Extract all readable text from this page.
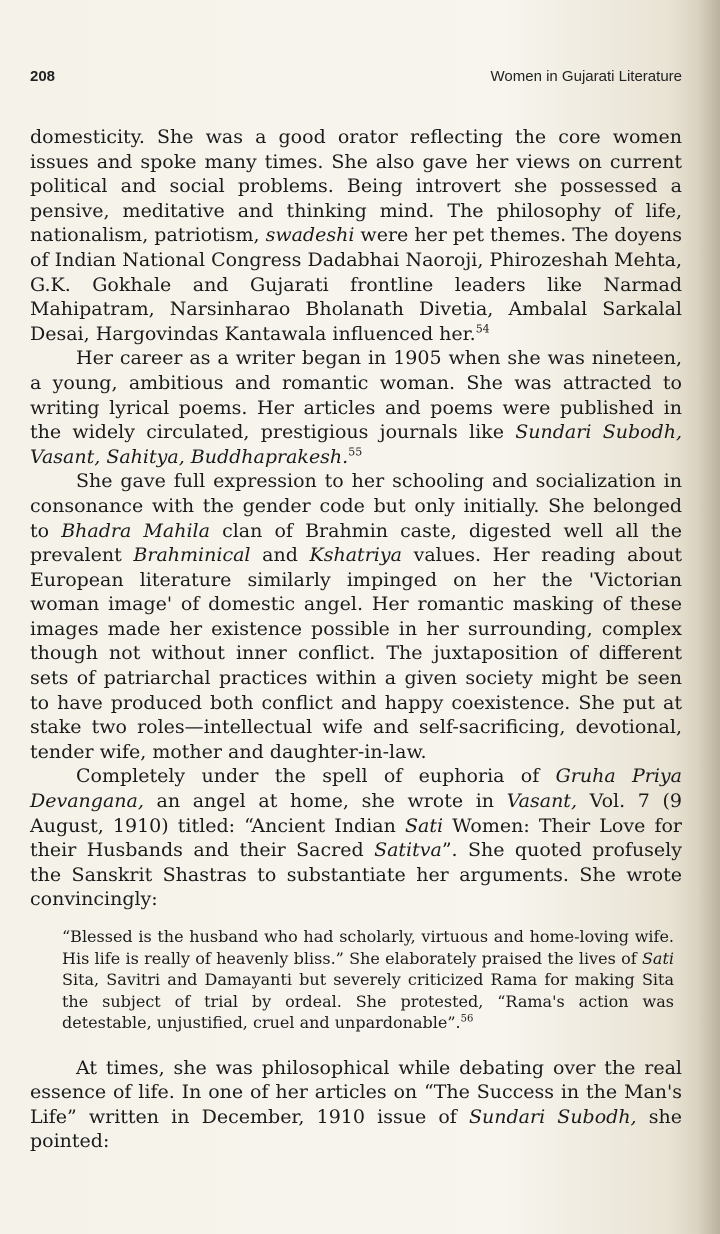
208	Women in Gujarati Literature

domesticity. She was a good orator reflecting the core women issues and spoke many times. She also gave her views on current political and social problems. Being introvert she possessed a pensive, meditative and thinking mind. The philosophy of life, nationalism, patriotism, swadeshi were her pet themes. The doyens of Indian National Congress Dadabhai Naoroji, Phirozeshah Mehta, G.K. Gokhale and Gujarati frontline leaders like Narmad Mahipatram, Narsinharao Bholanath Divetia, Ambalal Sarkalal Desai, Hargovindas Kantawala influenced her.$^{54}$

Her career as a writer began in 1905 when she was nineteen, a young, ambitious and romantic woman. She was attracted to writing lyrical poems. Her articles and poems were published in the widely circulated, prestigious journals like Sundari Subodh, Vasant, Sahitya, Buddhaprakesh.$^{55}$

She gave full expression to her schooling and socialization in consonance with the gender code but only initially. She belonged to Bhadra Mahila clan of Brahmin caste, digested well all the prevalent Brahminical and Kshatriya values. Her reading about European literature similarly impinged on her the 'Victorian woman image' of domestic angel. Her romantic masking of these images made her existence possible in her surrounding, complex though not without inner conflict. The juxtaposition of different sets of patriarchal practices within a given society might be seen to have produced both conflict and happy coexistence. She put at stake two roles—intellectual wife and self-sacrificing, devotional, tender wife, mother and daughter-in-law.

Completely under the spell of euphoria of Gruha Priya Devangana, an angel at home, she wrote in Vasant, Vol. 7 (9 August, 1910) titled: “Ancient Indian Sati Women: Their Love for their Husbands and their Sacred Satitva”. She quoted profusely the Sanskrit Shastras to substantiate her arguments. She wrote convincingly:

“Blessed is the husband who had scholarly, virtuous and home-loving wife. His life is really of heavenly bliss.” She elaborately praised the lives of Sati Sita, Savitri and Damayanti but severely criticized Rama for making Sita the subject of trial by ordeal. She protested, “Rama's action was detestable, unjustified, cruel and unpardonable”.$^{56}$

At times, she was philosophical while debating over the real essence of life. In one of her articles on “The Success in the Man's Life” written in December, 1910 issue of Sundari Subodh, she pointed:
